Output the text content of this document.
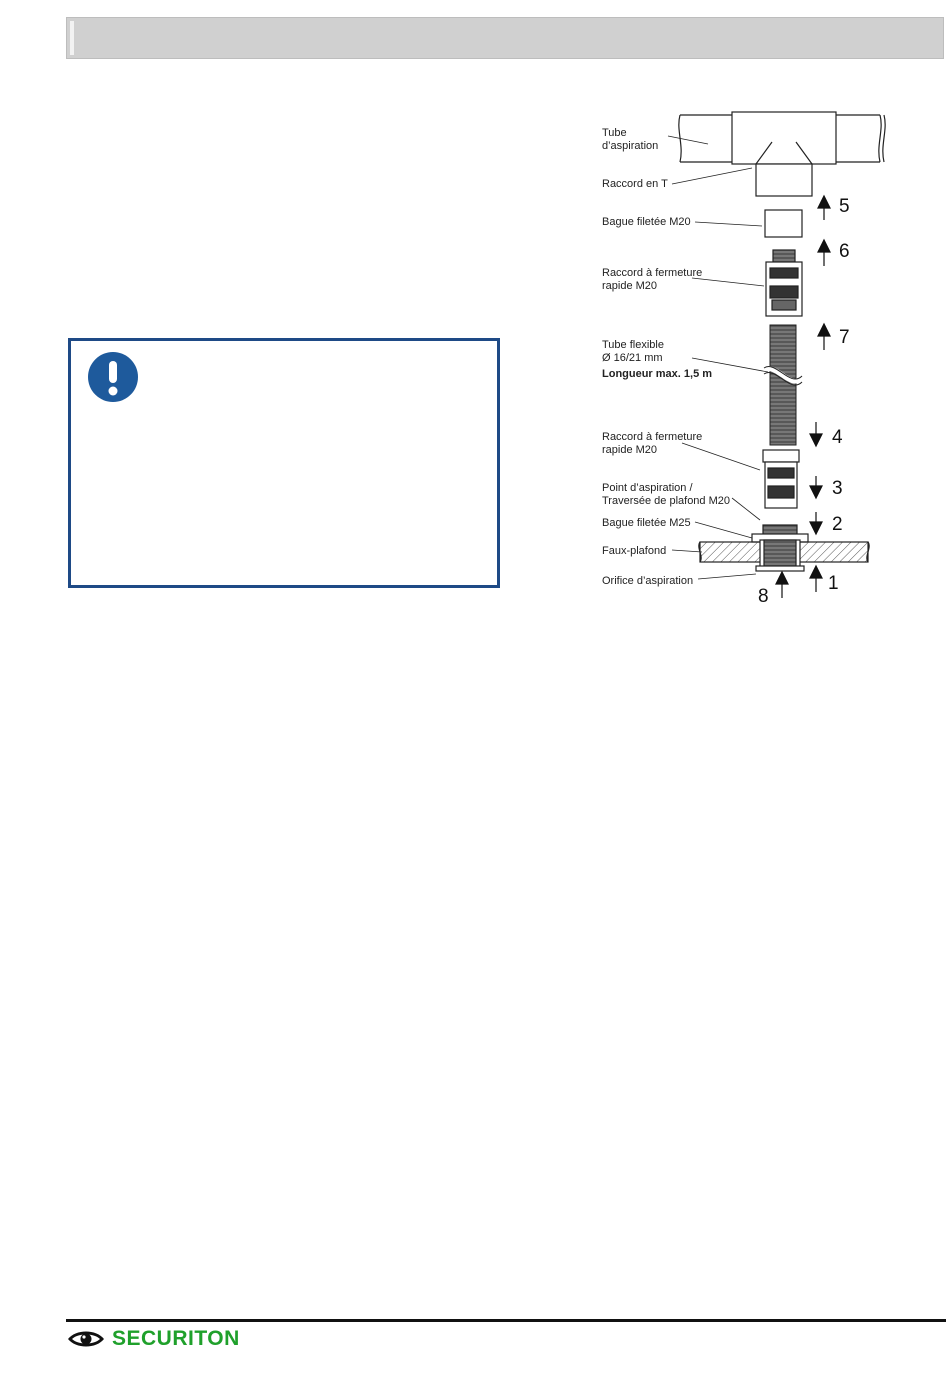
Tube
d’aspiration
Raccord en T
Bague filetée M20
Raccord à fermeture
rapide M20
Tube flexible
Ø 16/21 mm
Longueur max. 1,5 m
Raccord à fermeture
rapide M20
Point d’aspiration /
Traversée de plafond M20
Bague filetée M25
Faux-plafond
Orifice d’aspiration
5
6
7
4
3
2
1
8
SECURITON
